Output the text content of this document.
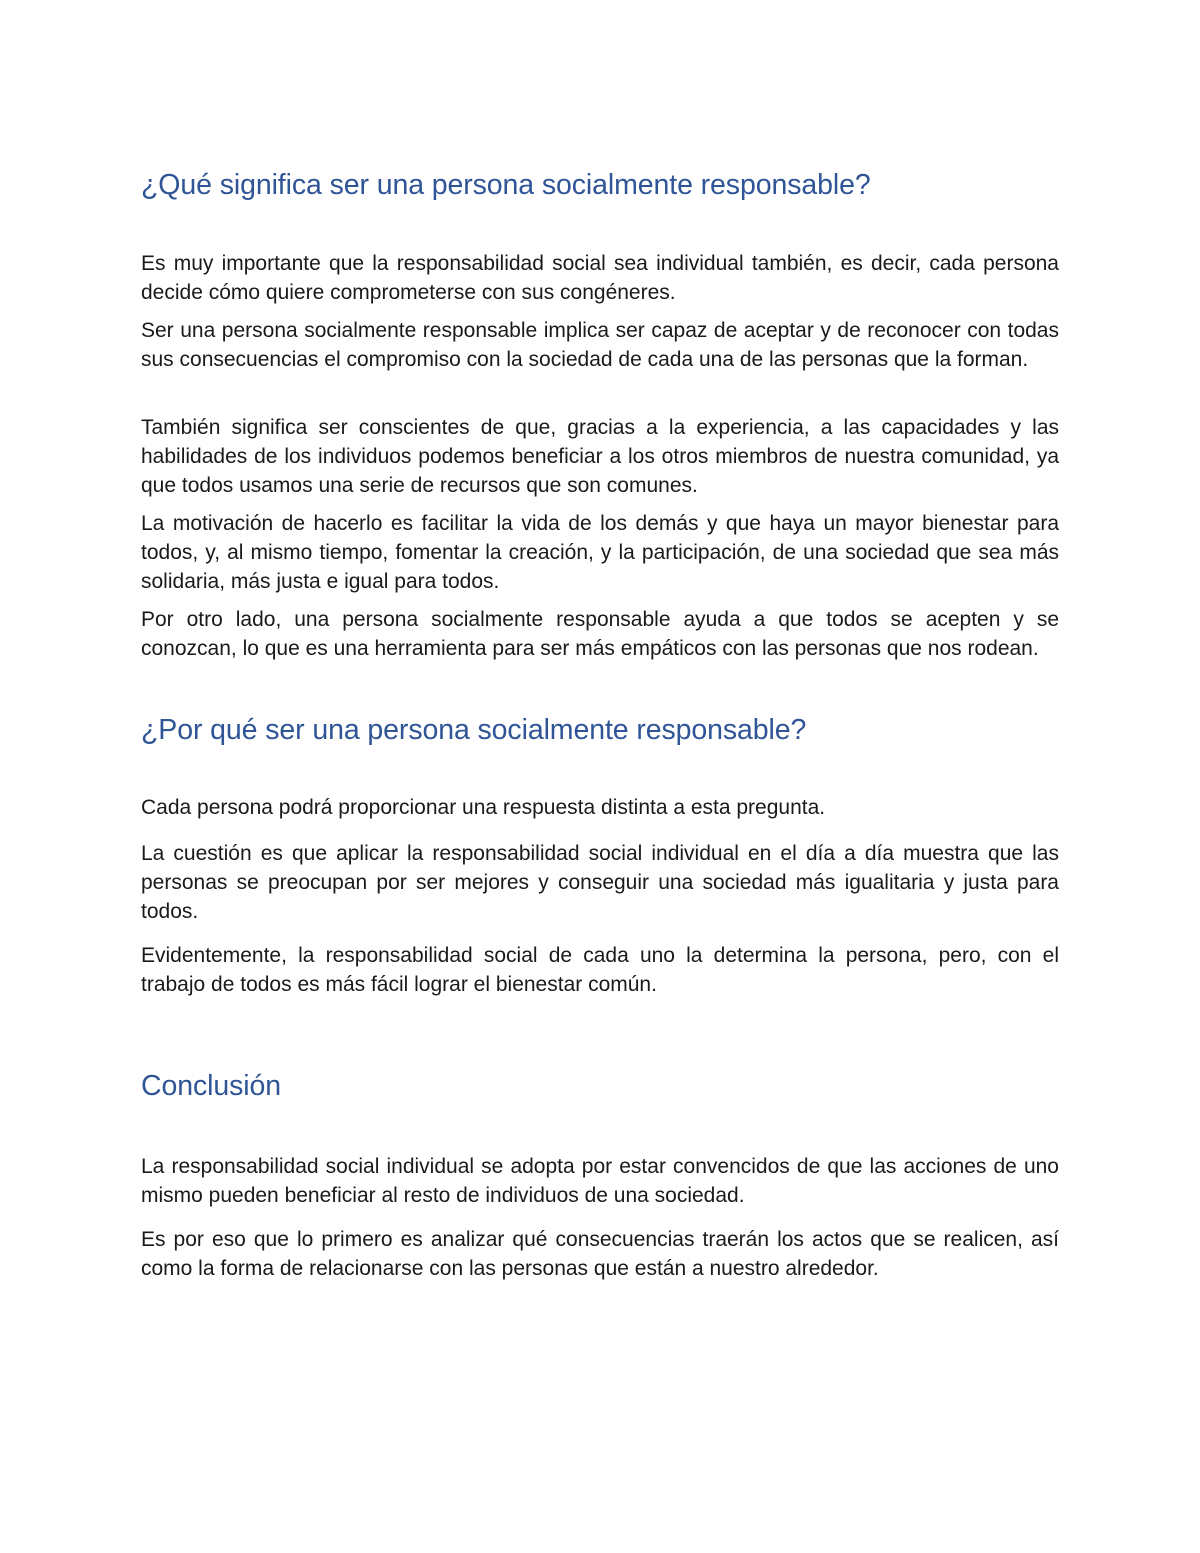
¿Qué significa ser una persona socialmente responsable?

Es muy importante que la responsabilidad social sea individual también, es decir, cada persona decide cómo quiere comprometerse con sus congéneres.

Ser una persona socialmente responsable implica ser capaz de aceptar y de reconocer con todas sus consecuencias el compromiso con la sociedad de cada una de las personas que la forman.

También significa ser conscientes de que, gracias a la experiencia, a las capacidades y las habilidades de los individuos podemos beneficiar a los otros miembros de nuestra comunidad, ya que todos usamos una serie de recursos que son comunes.

La motivación de hacerlo es facilitar la vida de los demás y que haya un mayor bienestar para todos, y, al mismo tiempo, fomentar la creación, y la participación, de una sociedad que sea más solidaria, más justa e igual para todos.

Por otro lado, una persona socialmente responsable ayuda a que todos se acepten y se conozcan, lo que es una herramienta para ser más empáticos con las personas que nos rodean.

¿Por qué ser una persona socialmente responsable?

Cada persona podrá proporcionar una respuesta distinta a esta pregunta.

La cuestión es que aplicar la responsabilidad social individual en el día a día muestra que las personas se preocupan por ser mejores y conseguir una sociedad más igualitaria y justa para todos.

Evidentemente, la responsabilidad social de cada uno la determina la persona, pero, con el trabajo de todos es más fácil lograr el bienestar común.

Conclusión

La responsabilidad social individual se adopta por estar convencidos de que las acciones de uno mismo pueden beneficiar al resto de individuos de una sociedad.

Es por eso que lo primero es analizar qué consecuencias traerán los actos que se realicen, así como la forma de relacionarse con las personas que están a nuestro alrededor.
